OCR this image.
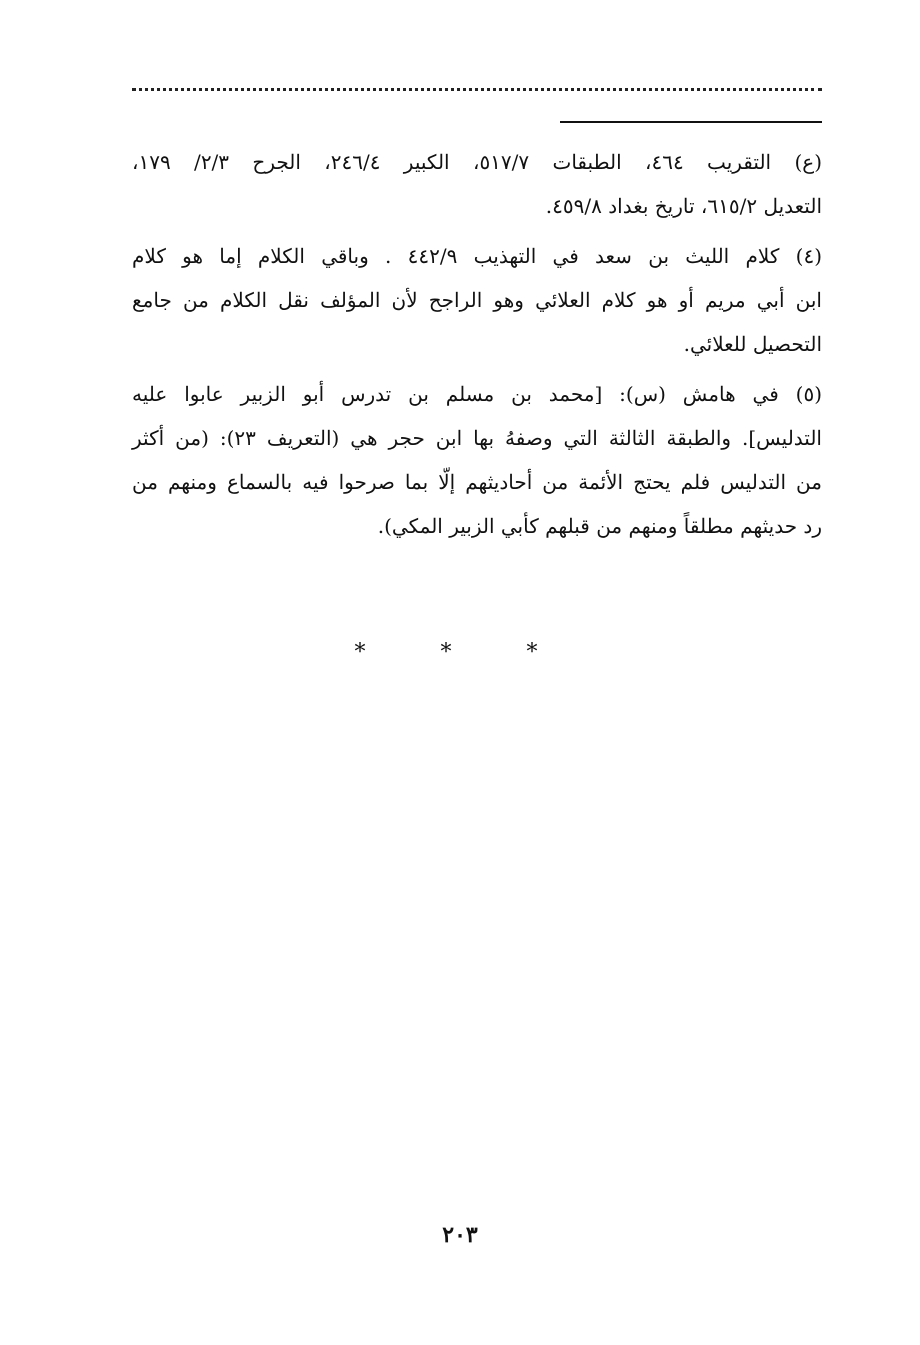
(ع) التقريب ٤٦٤، الطبقات ٥١٧/٧، الكبير ٢٤٦/٤، الجرح ٢/٣/ ١٧٩،
التعديل ٦١٥/٢، تاريخ بغداد ٤٥٩/٨.

(٤) كلام الليث بن سعد في التهذيب ٤٤٢/٩ . وباقي الكلام إما هو كلام
ابن أبي مريم أو هو كلام العلائي وهو الراجح لأن المؤلف نقل الكلام من جامع
التحصيل للعلائي.

(٥) في هامش (س): [محمد بن مسلم بن تدرس أبو الزبير عابوا عليه
التدليس]. والطبقة الثالثة التي وصفهُ بها ابن حجر هي (التعريف ٢٣): (من أكثر
من التدليس فلم يحتج الأئمة من أحاديثهم إلّا بما صرحوا فيه بالسماع ومنهم من
رد حديثهم مطلقاً ومنهم من قبلهم كأبي الزبير المكي).

* * *
٢٠٣
